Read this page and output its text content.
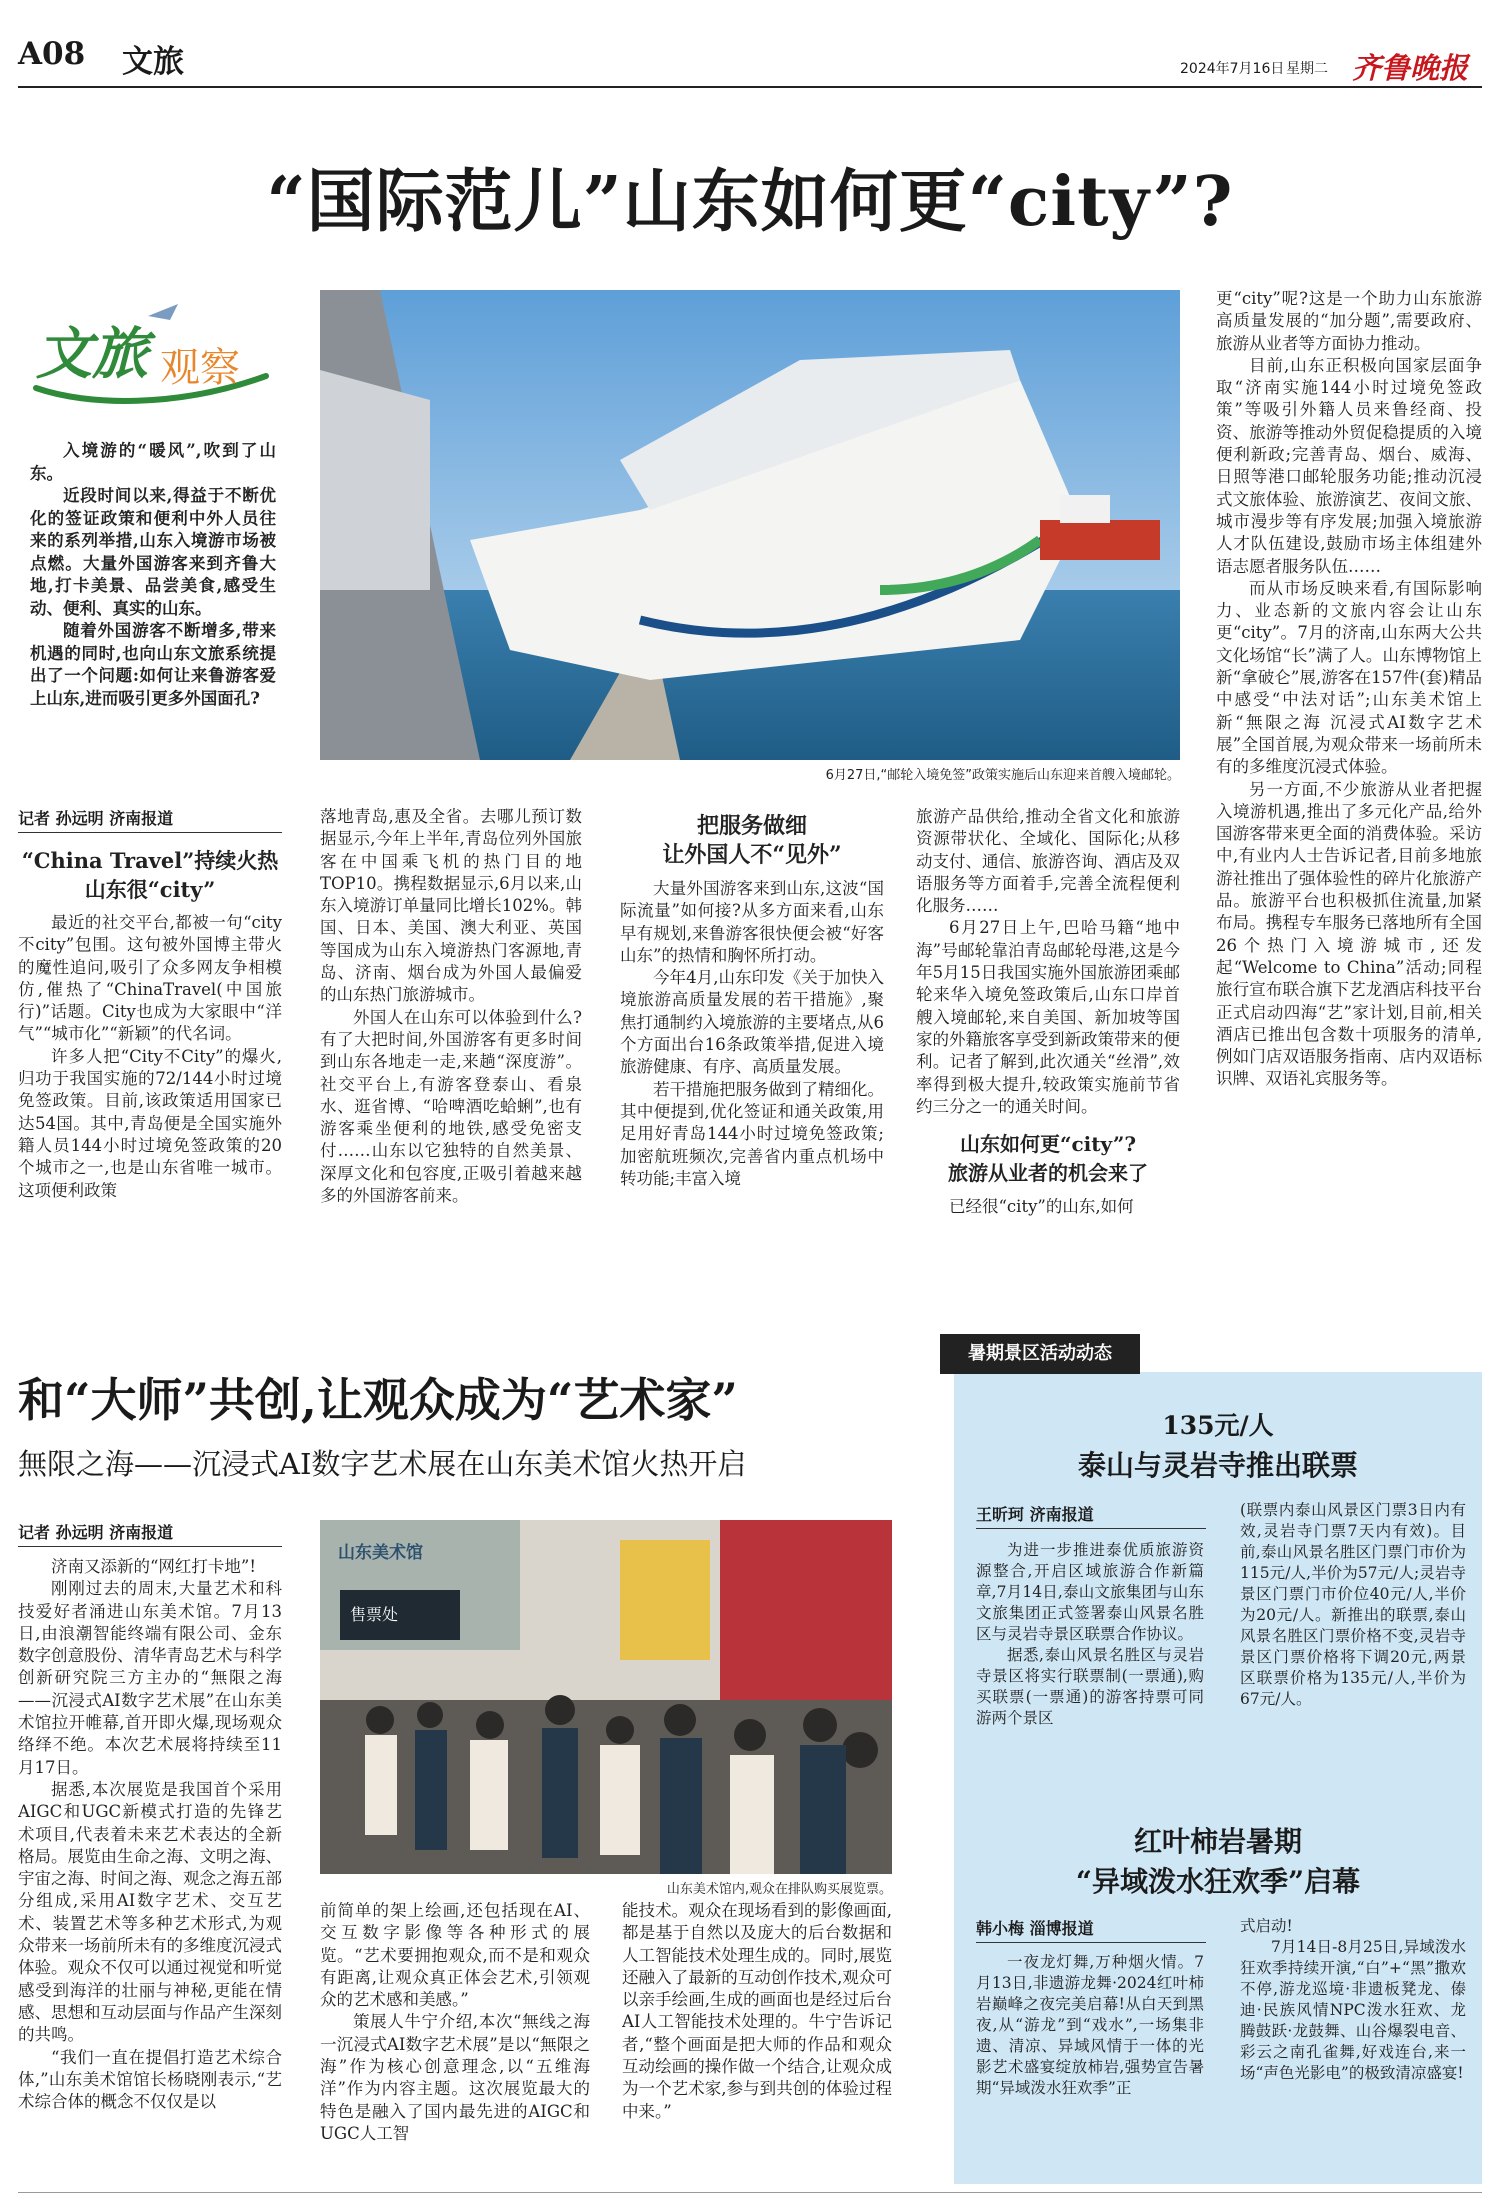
A08 文旅	2024年7月16日 星期二 齐鲁晚报
“国际范儿”山东如何更“city”?
文旅 观察

入境游的“暖风”,吹到了山东。

近段时间以来,得益于不断优化的签证政策和便利中外人员往来的系列举措,山东入境游市场被点燃。大量外国游客来到齐鲁大地,打卡美景、品尝美食,感受生动、便利、真实的山东。

随着外国游客不断增多,带来机遇的同时,也向山东文旅系统提出了一个问题:如何让来鲁游客爱上山东,进而吸引更多外国面孔?

6月27日,“邮轮入境免签”政策实施后山东迎来首艘入境邮轮。
记者 孙远明 济南报道
“China Travel”持续火热
山东很“city”

最近的社交平台,都被一句“city不city”包围。这句被外国博主带火的魔性追问,吸引了众多网友争相模仿,催热了“ChinaTravel(中国旅行)”话题。City也成为大家眼中“洋气”“城市化”“新颖”的代名词。

许多人把“City不City”的爆火,归功于我国实施的72/144小时过境免签政策。目前,该政策适用国家已达54国。其中,青岛便是全国实施外籍人员144小时过境免签政策的20个城市之一,也是山东省唯一城市。这项便利政策

落地青岛,惠及全省。去哪儿预订数据显示,今年上半年,青岛位列外国旅客在中国乘飞机的热门目的地TOP10。携程数据显示,6月以来,山东入境游订单量同比增长102%。韩国、日本、美国、澳大利亚、英国等国成为山东入境游热门客源地,青岛、济南、烟台成为外国人最偏爱的山东热门旅游城市。

外国人在山东可以体验到什么?有了大把时间,外国游客有更多时间到山东各地走一走,来趟“深度游”。社交平台上,有游客登泰山、看泉水、逛省博、“哈啤酒吃蛤蜊”,也有游客乘坐便利的地铁,感受免密支付……山东以它独特的自然美景、深厚文化和包容度,正吸引着越来越多的外国游客前来。

把服务做细
让外国人不“见外”

大量外国游客来到山东,这波“国际流量”如何接?从多方面来看,山东早有规划,来鲁游客很快便会被“好客山东”的热情和胸怀所打动。

今年4月,山东印发《关于加快入境旅游高质量发展的若干措施》,聚焦打通制约入境旅游的主要堵点,从6个方面出台16条政策举措,促进入境旅游健康、有序、高质量发展。

若干措施把服务做到了精细化。其中便提到,优化签证和通关政策,用足用好青岛144小时过境免签政策;加密航班频次,完善省内重点机场中转功能;丰富入境

旅游产品供给,推动全省文化和旅游资源带状化、全域化、国际化;从移动支付、通信、旅游咨询、酒店及双语服务等方面着手,完善全流程便利化服务……

6月27日上午,巴哈马籍“地中海”号邮轮靠泊青岛邮轮母港,这是今年5月15日我国实施外国旅游团乘邮轮来华入境免签政策后,山东口岸首艘入境邮轮,来自美国、新加坡等国家的外籍旅客享受到新政策带来的便利。记者了解到,此次通关“丝滑”,效率得到极大提升,较政策实施前节省约三分之一的通关时间。

山东如何更“city”?
旅游从业者的机会来了

已经很“city”的山东,如何

更“city”呢?这是一个助力山东旅游高质量发展的“加分题”,需要政府、旅游从业者等方面协力推动。

目前,山东正积极向国家层面争取“济南实施144小时过境免签政策”等吸引外籍人员来鲁经商、投资、旅游等推动外贸促稳提质的入境便利新政;完善青岛、烟台、威海、日照等港口邮轮服务功能;推动沉浸式文旅体验、旅游演艺、夜间文旅、城市漫步等有序发展;加强入境旅游人才队伍建设,鼓励市场主体组建外语志愿者服务队伍……

而从市场反映来看,有国际影响力、业态新的文旅内容会让山东更“city”。7月的济南,山东两大公共文化场馆“长”满了人。山东博物馆上新“拿破仑”展,游客在157件(套)精品中感受“中法对话”;山东美术馆上新“無限之海 沉浸式AI数字艺术展”全国首展,为观众带来一场前所未有的多维度沉浸式体验。

另一方面,不少旅游从业者把握入境游机遇,推出了多元化产品,给外国游客带来更全面的消费体验。采访中,有业内人士告诉记者,目前多地旅游社推出了强体验性的碎片化旅游产品。旅游平台也积极抓住流量,加紧布局。携程专车服务已落地所有全国26个热门入境游城市,还发起“Welcome to China”活动;同程旅行宣布联合旗下艺龙酒店科技平台正式启动四海“艺”家计划,目前,相关酒店已推出包含数十项服务的清单,例如门店双语服务指南、店内双语标识牌、双语礼宾服务等。

暑期景区活动动态
135元/人
泰山与灵岩寺推出联票
王昕珂 济南报道

为进一步推进泰优质旅游资源整合,开启区域旅游合作新篇章,7月14日,泰山文旅集团与山东文旅集团正式签署泰山风景名胜区与灵岩寺景区联票合作协议。

据悉,泰山风景名胜区与灵岩寺景区将实行联票制(一票通),购买联票(一票通)的游客持票可同游两个景区

(联票内泰山风景区门票3日内有效,灵岩寺门票7天内有效)。目前,泰山风景名胜区门票门市价为115元/人,半价为57元/人;灵岩寺景区门票门市价位40元/人,半价为20元/人。新推出的联票,泰山风景名胜区门票价格不变,灵岩寺景区门票价格将下调20元,两景区联票价格为135元/人,半价为67元/人。

红叶柿岩暑期
“异域泼水狂欢季”启幕
韩小梅 淄博报道

一夜龙灯舞,万种烟火情。7月13日,非遗游龙舞·2024红叶柿岩巅峰之夜完美启幕!从白天到黑夜,从“游龙”到“戏水”,一场集非遗、清凉、异域风情于一体的光影艺术盛宴绽放柿岩,强势宣告暑期“异域泼水狂欢季”正

式启动!

7月14日-8月25日,异域泼水狂欢季持续开演,“白”+“黑”撒欢不停,游龙巡境·非遗板凳龙、傣迪·民族风情NPC泼水狂欢、龙腾鼓跃·龙鼓舞、山谷爆裂电音、彩云之南孔雀舞,好戏连台,来一场“声色光影电”的极致清凉盛宴!

和“大师”共创,让观众成为“艺术家”
無限之海——沉浸式AI数字艺术展在山东美术馆火热开启
记者 孙远明 济南报道

济南又添新的“网红打卡地”!

刚刚过去的周末,大量艺术和科技爱好者涌进山东美术馆。7月13日,由浪潮智能终端有限公司、金东数字创意股份、清华青岛艺术与科学创新研究院三方主办的“無限之海——沉浸式AI数字艺术展”在山东美术馆拉开帷幕,首开即火爆,现场观众络绎不绝。本次艺术展将持续至11月17日。

据悉,本次展览是我国首个采用AIGC和UGC新模式打造的先锋艺术项目,代表着未来艺术表达的全新格局。展览由生命之海、文明之海、宇宙之海、时间之海、观念之海五部分组成,采用AI数字艺术、交互艺术、装置艺术等多种艺术形式,为观众带来一场前所未有的多维度沉浸式体验。观众不仅可以通过视觉和听觉感受到海洋的壮丽与神秘,更能在情感、思想和互动层面与作品产生深刻的共鸣。

“我们一直在提倡打造艺术综合体,”山东美术馆馆长杨晓刚表示,“艺术综合体的概念不仅仅是以

山东美术馆
售票处
山东美术馆内,观众在排队购买展览票。

前简单的架上绘画,还包括现在AI、交互数字影像等各种形式的展览。“艺术要拥抱观众,而不是和观众有距离,让观众真正体会艺术,引领观众的艺术感和美感。”

策展人牛宁介绍,本次“無线之海一沉浸式AI数字艺术展”是以“無限之海”作为核心创意理念,以“五维海洋”作为内容主题。这次展览最大的特色是融入了国内最先进的AIGC和UGC人工智

能技术。观众在现场看到的影像画面,都是基于自然以及庞大的后台数据和人工智能技术处理生成的。同时,展览还融入了最新的互动创作技术,观众可以亲手绘画,生成的画面也是经过后台AI人工智能技术处理的。牛宁告诉记者,“整个画面是把大师的作品和观众互动绘画的操作做一个结合,让观众成为一个艺术家,参与到共创的体验过程中来。”
